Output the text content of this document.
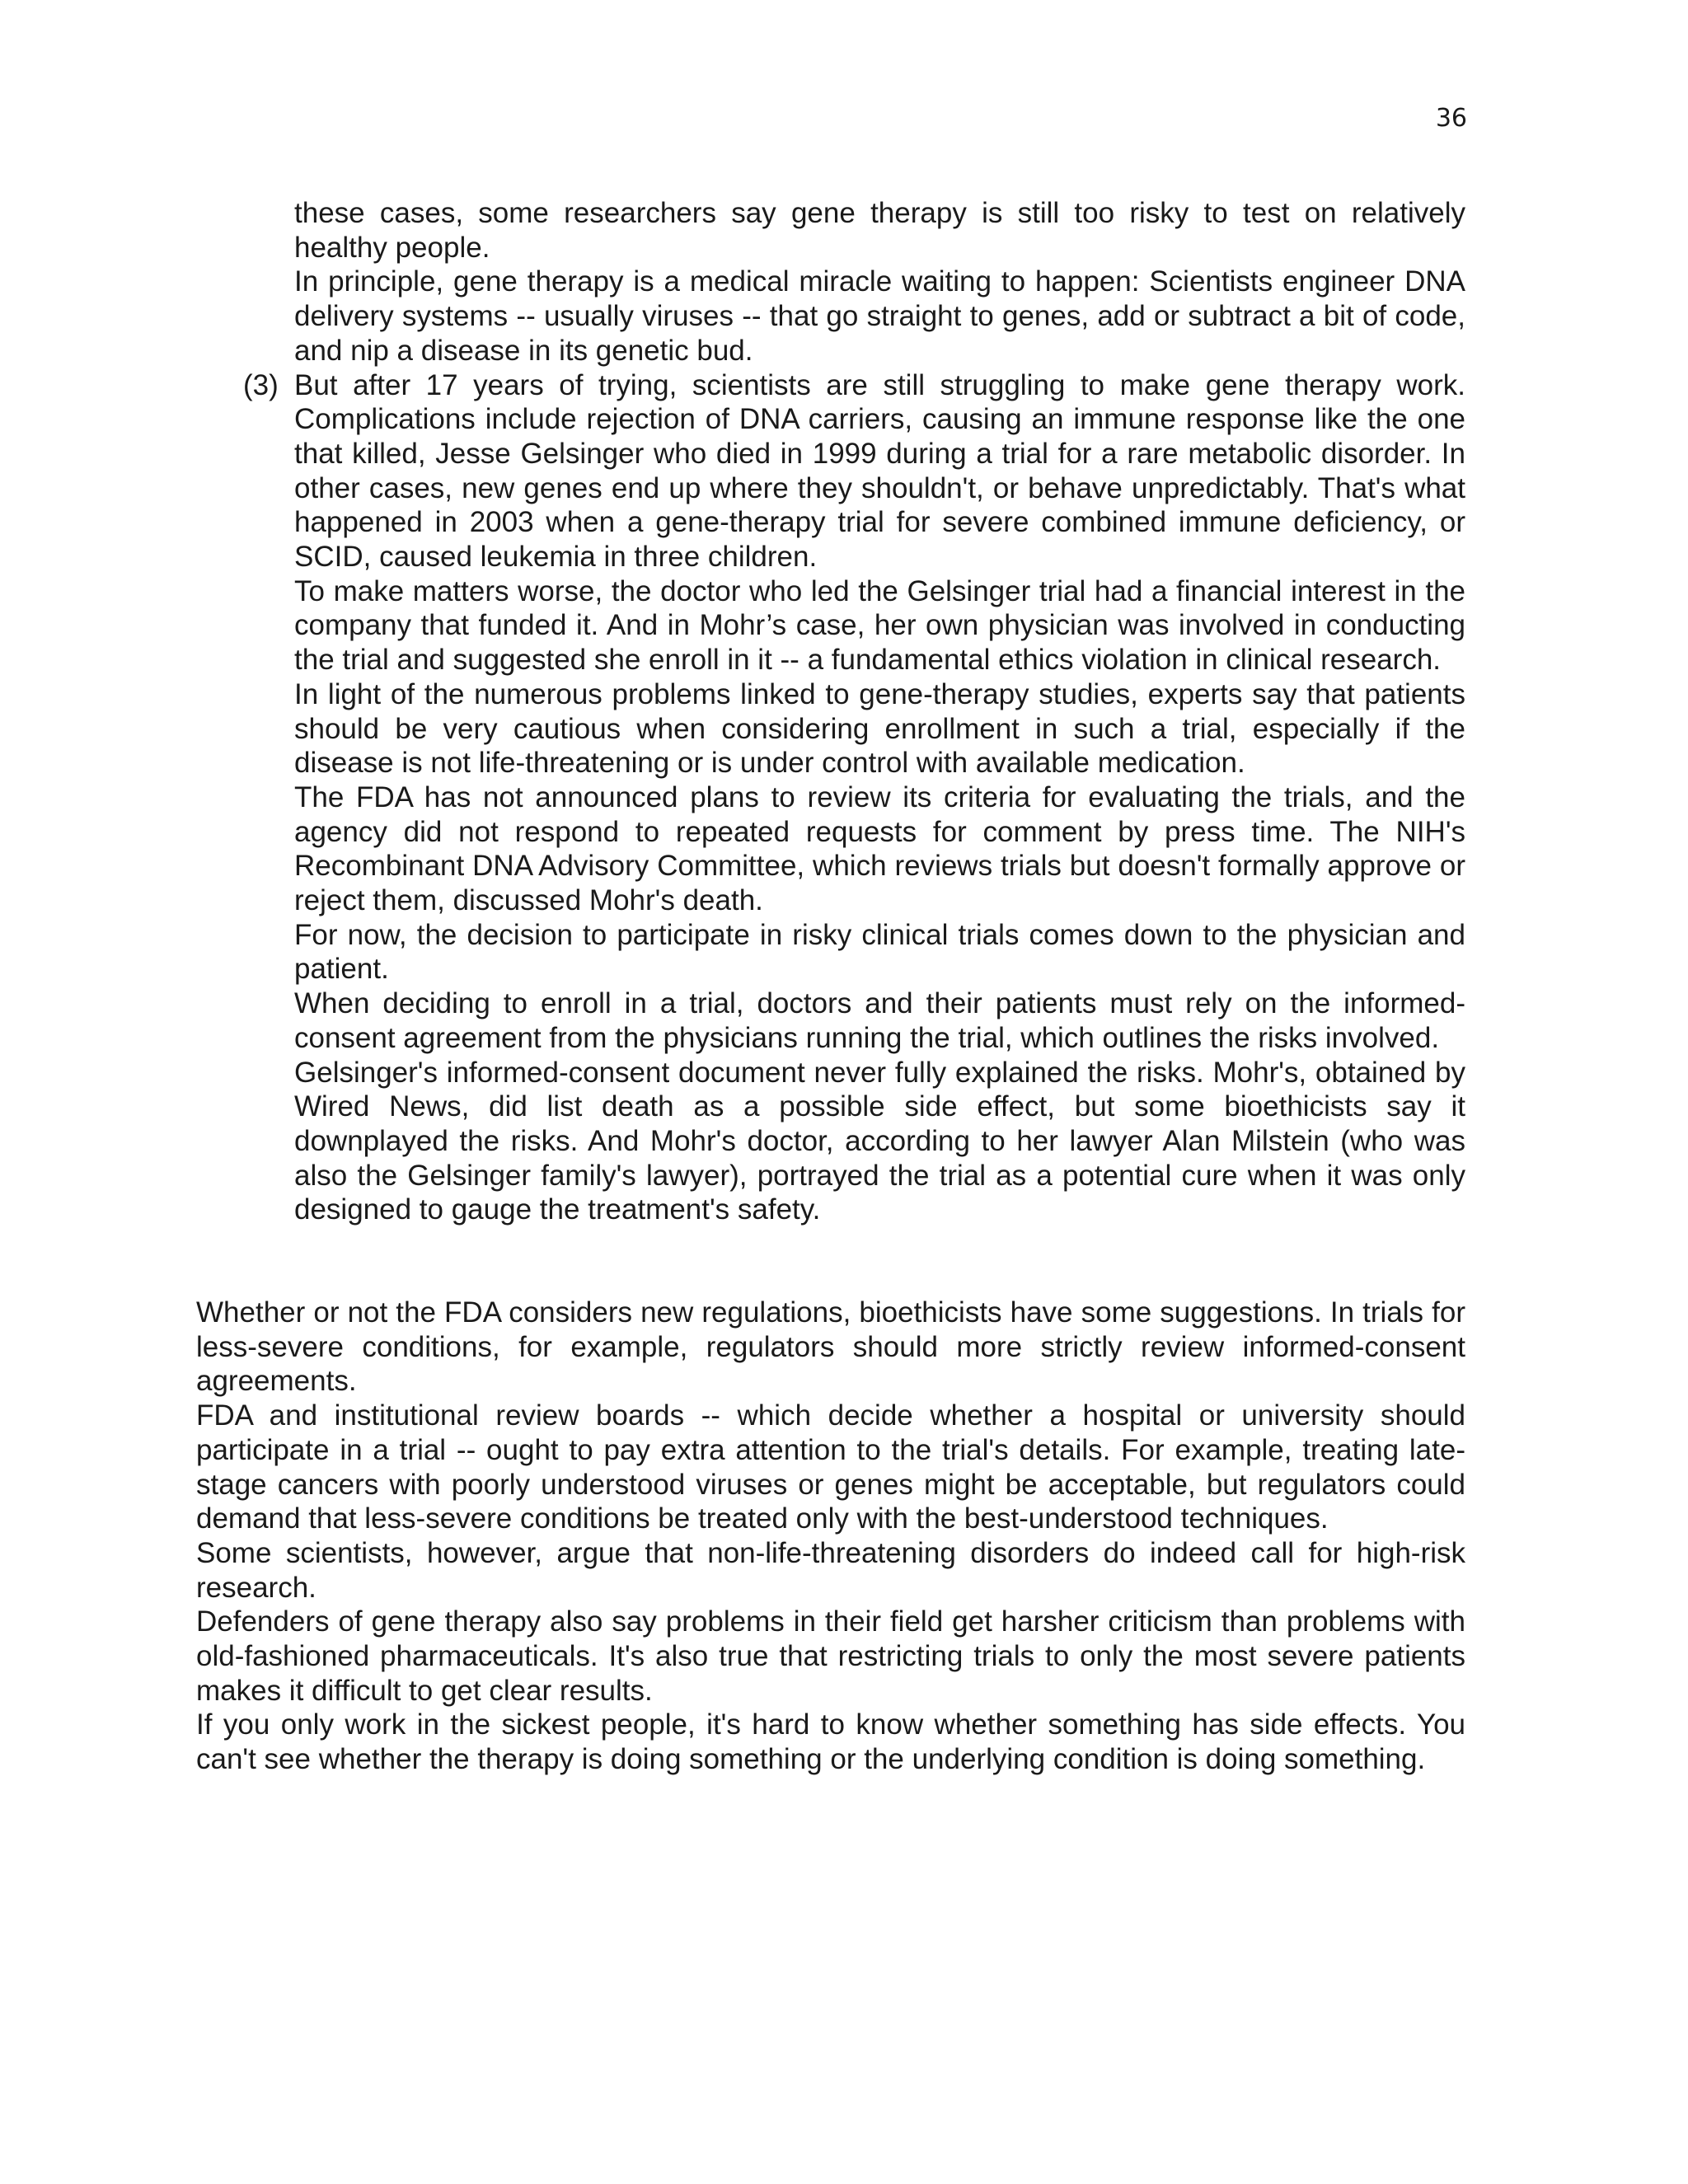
36

these cases, some researchers say gene therapy is still too risky to test on relatively healthy people.

In principle, gene therapy is a medical miracle waiting to happen: Scientists engineer DNA delivery systems -- usually viruses -- that go straight to genes, add or subtract a bit of code, and nip a disease in its genetic bud.

(3) But after 17 years of trying, scientists are still struggling to make gene therapy work. Complications include rejection of DNA carriers, causing an immune response like the one that killed, Jesse Gelsinger who died in 1999 during a trial for a rare metabolic disorder. In other cases, new genes end up where they shouldn't, or behave unpredictably. That's what happened in 2003 when a gene-therapy trial for severe combined immune deficiency, or SCID, caused leukemia in three children.

To make matters worse, the doctor who led the Gelsinger trial had a financial interest in the company that funded it. And in Mohr’s case, her own physician was involved in conducting the trial and suggested she enroll in it -- a fundamental ethics violation in clinical research.

In light of the numerous problems linked to gene-therapy studies, experts say that patients should be very cautious when considering enrollment in such a trial, especially if the disease is not life-threatening or is under control with available medication.

The FDA has not announced plans to review its criteria for evaluating the trials, and the agency did not respond to repeated requests for comment by press time. The NIH's Recombinant DNA Advisory Committee, which reviews trials but doesn't formally approve or reject them, discussed Mohr's death.

For now, the decision to participate in risky clinical trials comes down to the physician and patient.

When deciding to enroll in a trial, doctors and their patients must rely on the informed-consent agreement from the physicians running the trial, which outlines the risks involved.

Gelsinger's informed-consent document never fully explained the risks. Mohr's, obtained by Wired News, did list death as a possible side effect, but some bioethicists say it downplayed the risks. And Mohr's doctor, according to her lawyer Alan Milstein (who was also the Gelsinger family's lawyer), portrayed the trial as a potential cure when it was only designed to gauge the treatment's safety.

Whether or not the FDA considers new regulations, bioethicists have some suggestions. In trials for less-severe conditions, for example, regulators should more strictly review informed-consent agreements.

FDA and institutional review boards -- which decide whether a hospital or university should participate in a trial -- ought to pay extra attention to the trial's details. For example, treating late-stage cancers with poorly understood viruses or genes might be acceptable, but regulators could demand that less-severe conditions be treated only with the best-understood techniques.

Some scientists, however, argue that non-life-threatening disorders do indeed call for high-risk research.

Defenders of gene therapy also say problems in their field get harsher criticism than problems with old-fashioned pharmaceuticals. It's also true that restricting trials to only the most severe patients makes it difficult to get clear results.

If you only work in the sickest people, it's hard to know whether something has side effects. You can't see whether the therapy is doing something or the underlying condition is doing something.
